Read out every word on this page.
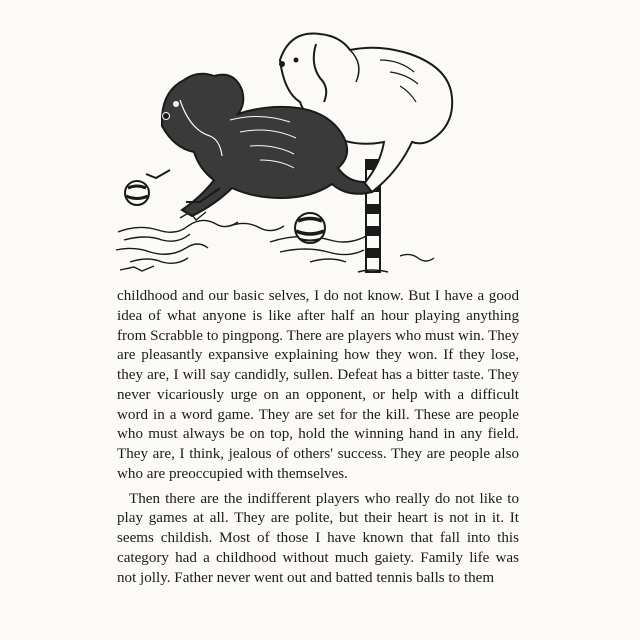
childhood and our basic selves, I do not know. But I have a good idea of what anyone is like after half an hour playing anything from Scrabble to pingpong. There are players who must win. They are pleasantly expansive explaining how they won. If they lose, they are, I will say candidly, sullen. Defeat has a bitter taste. They never vicariously urge on an opponent, or help with a difficult word in a word game. They are set for the kill. These are people who must always be on top, hold the winning hand in any field. They are, I think, jealous of others' success. They are people also who are preoccupied with themselves.

Then there are the indifferent players who really do not like to play games at all. They are polite, but their heart is not in it. It seems childish. Most of those I have known that fall into this category had a childhood without much gaiety. Family life was not jolly. Father never went out and batted tennis balls to them
